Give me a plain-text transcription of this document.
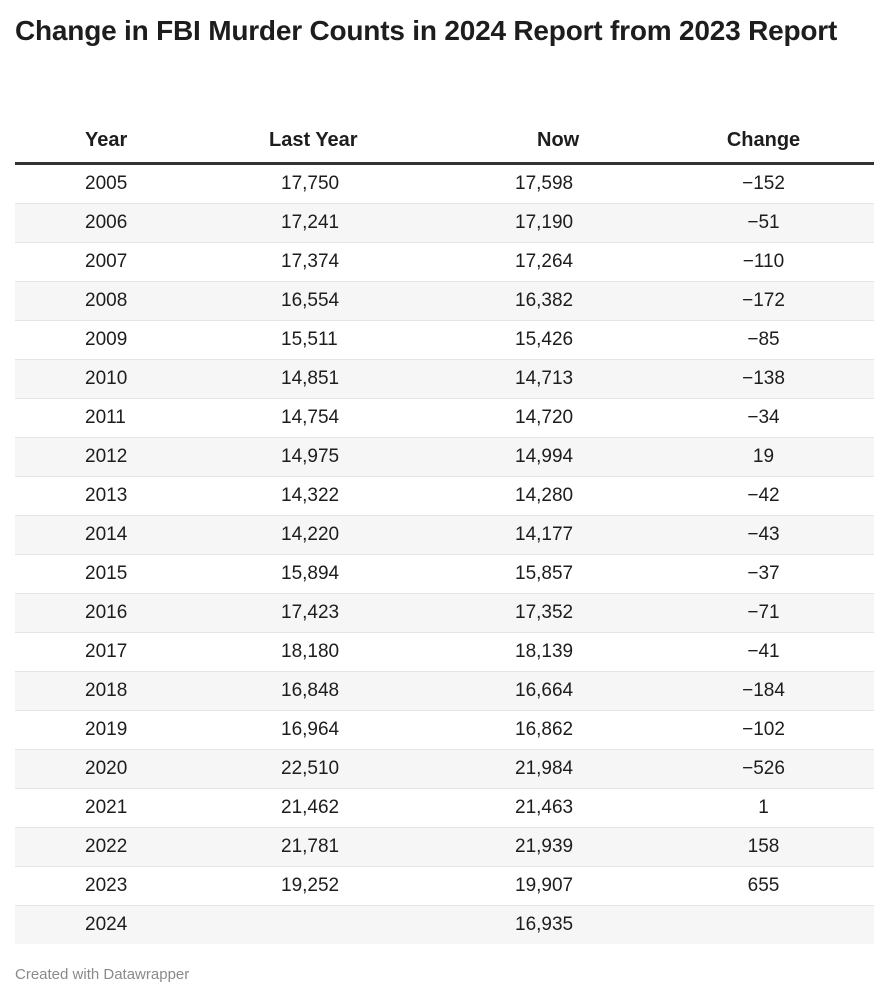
Change in FBI Murder Counts in 2024 Report from 2023 Report
Year	Last Year	Now	Change
2005	17,750	17,598	−152
2006	17,241	17,190	−51
2007	17,374	17,264	−110
2008	16,554	16,382	−172
2009	15,511	15,426	−85
2010	14,851	14,713	−138
2011	14,754	14,720	−34
2012	14,975	14,994	19
2013	14,322	14,280	−42
2014	14,220	14,177	−43
2015	15,894	15,857	−37
2016	17,423	17,352	−71
2017	18,180	18,139	−41
2018	16,848	16,664	−184
2019	16,964	16,862	−102
2020	22,510	21,984	−526
2021	21,462	21,463	1
2022	21,781	21,939	158
2023	19,252	19,907	655
2024		16,935	
Created with Datawrapper
